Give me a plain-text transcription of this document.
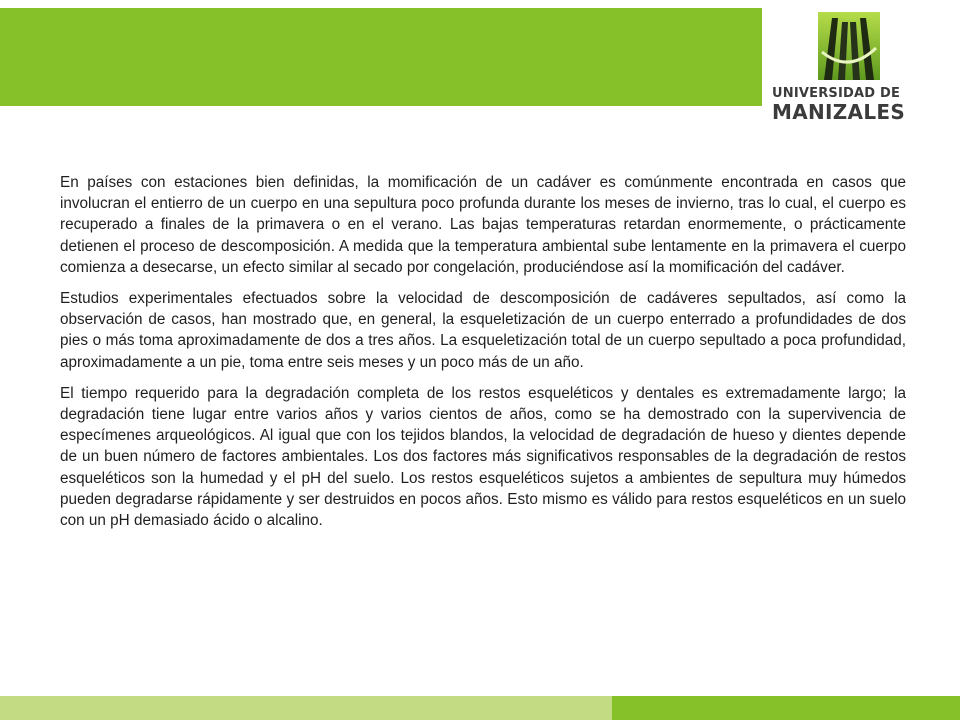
UNIVERSIDAD DE
MANIZALES

En países con estaciones bien definidas, la momificación de un cadáver es comúnmente encontrada en casos que involucran el entierro de un cuerpo en una sepultura poco profunda durante los meses de invierno, tras lo cual, el cuerpo es recuperado a finales de la primavera o en el verano. Las bajas temperaturas retardan enormemente, o prácticamente detienen el proceso de descomposición. A medida que la temperatura ambiental sube lentamente en la primavera el cuerpo comienza a desecarse, un efecto similar al secado por congelación, produciéndose así la momificación del cadáver.

Estudios experimentales efectuados sobre la velocidad de descomposición de cadáveres sepultados, así como la observación de casos, han mostrado que, en general, la esqueletización de un cuerpo enterrado a profundidades de dos pies o más toma aproximadamente de dos a tres años. La esqueletización total de un cuerpo sepultado a poca profundidad, aproximadamente a un pie, toma entre seis meses y un poco más de un año.

El tiempo requerido para la degradación completa de los restos esqueléticos y dentales es extremadamente largo; la degradación tiene lugar entre varios años y varios cientos de años, como se ha demostrado con la supervivencia de especímenes arqueológicos. Al igual que con los tejidos blandos, la velocidad de degradación de hueso y dientes depende de un buen número de factores ambientales. Los dos factores más significativos responsables de la degradación de restos esqueléticos son la humedad y el pH del suelo. Los restos esqueléticos sujetos a ambientes de sepultura muy húmedos pueden degradarse rápidamente y ser destruidos en pocos años. Esto mismo es válido para restos esqueléticos en un suelo con un pH demasiado ácido o alcalino.
